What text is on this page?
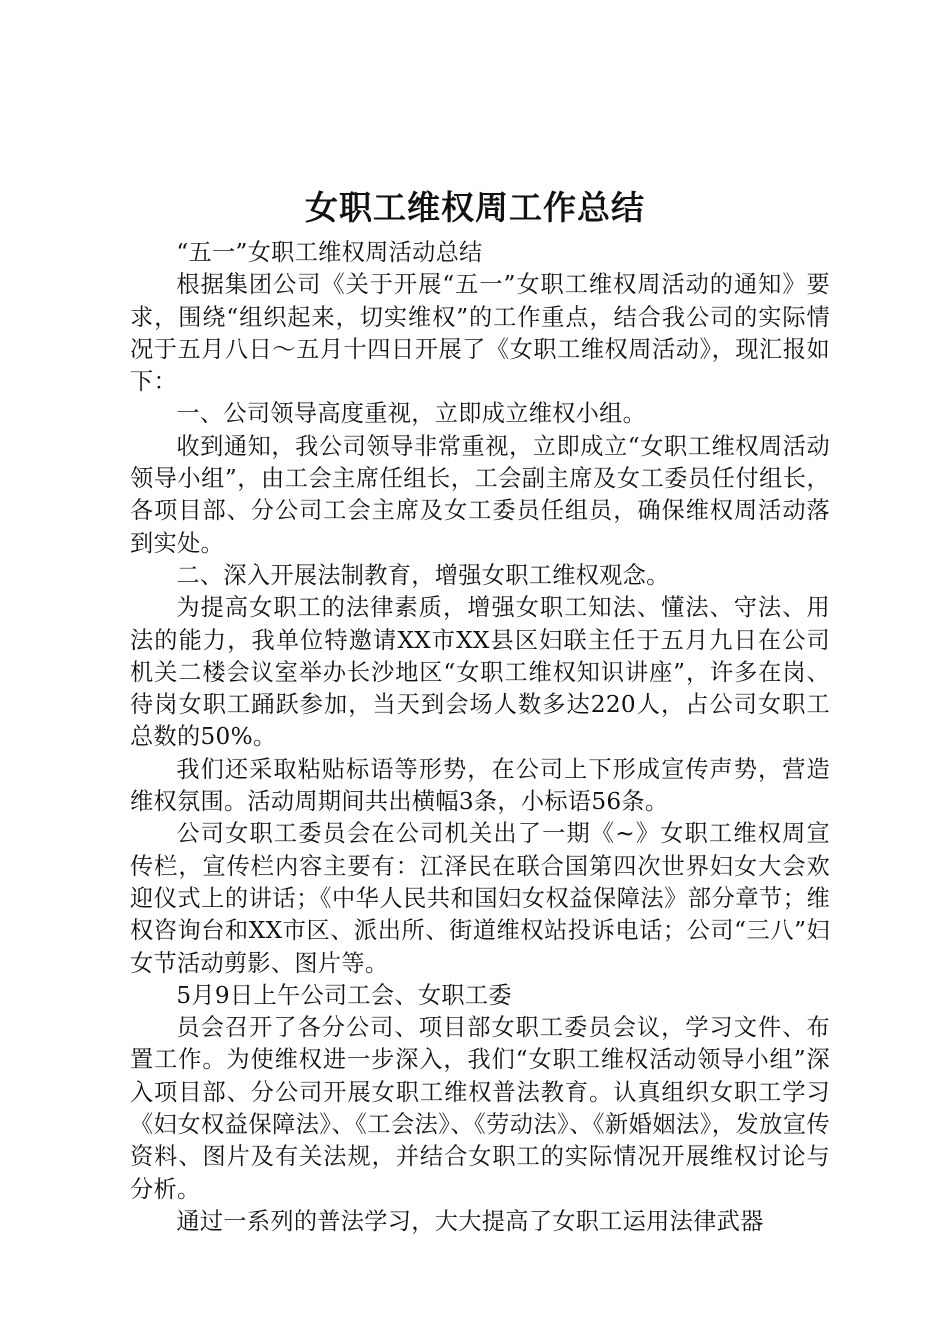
女职工维权周工作总结

“五一”女职工维权周活动总结

根据集团公司《关于开展“五一”女职工维权周活动的通知》要求，围绕“组织起来，切实维权”的工作重点，结合我公司的实际情况于五月八日～五月十四日开展了《女职工维权周活动》，现汇报如下：

一、公司领导高度重视，立即成立维权小组。

收到通知，我公司领导非常重视，立即成立“女职工维权周活动领导小组”，由工会主席任组长，工会副主席及女工委员任付组长，各项目部、分公司工会主席及女工委员任组员，确保维权周活动落到实处。

二、深入开展法制教育，增强女职工维权观念。

为提高女职工的法律素质，增强女职工知法、懂法、守法、用法的能力，我单位特邀请XX市XX县区妇联主任于五月九日在公司机关二楼会议室举办长沙地区“女职工维权知识讲座”，许多在岗、待岗女职工踊跃参加，当天到会场人数多达220人，占公司女职工总数的50%。

我们还采取粘贴标语等形势，在公司上下形成宣传声势，营造维权氛围。活动周期间共出横幅3条，小标语56条。

公司女职工委员会在公司机关出了一期《~》女职工维权周宣传栏，宣传栏内容主要有：江泽民在联合国第四次世界妇女大会欢迎仪式上的讲话；《中华人民共和国妇女权益保障法》部分章节；维权咨询台和XX市区、派出所、街道维权站投诉电话；公司“三八”妇女节活动剪影、图片等。

5月9日上午公司工会、女职工委

员会召开了各分公司、项目部女职工委员会议，学习文件、布置工作。为使维权进一步深入，我们“女职工维权活动领导小组”深入项目部、分公司开展女职工维权普法教育。认真组织女职工学习《妇女权益保障法》、《工会法》、《劳动法》、《新婚姻法》，发放宣传资料、图片及有关法规，并结合女职工的实际情况开展维权讨论与分析。

通过一系列的普法学习，大大提高了女职工运用法律武器
